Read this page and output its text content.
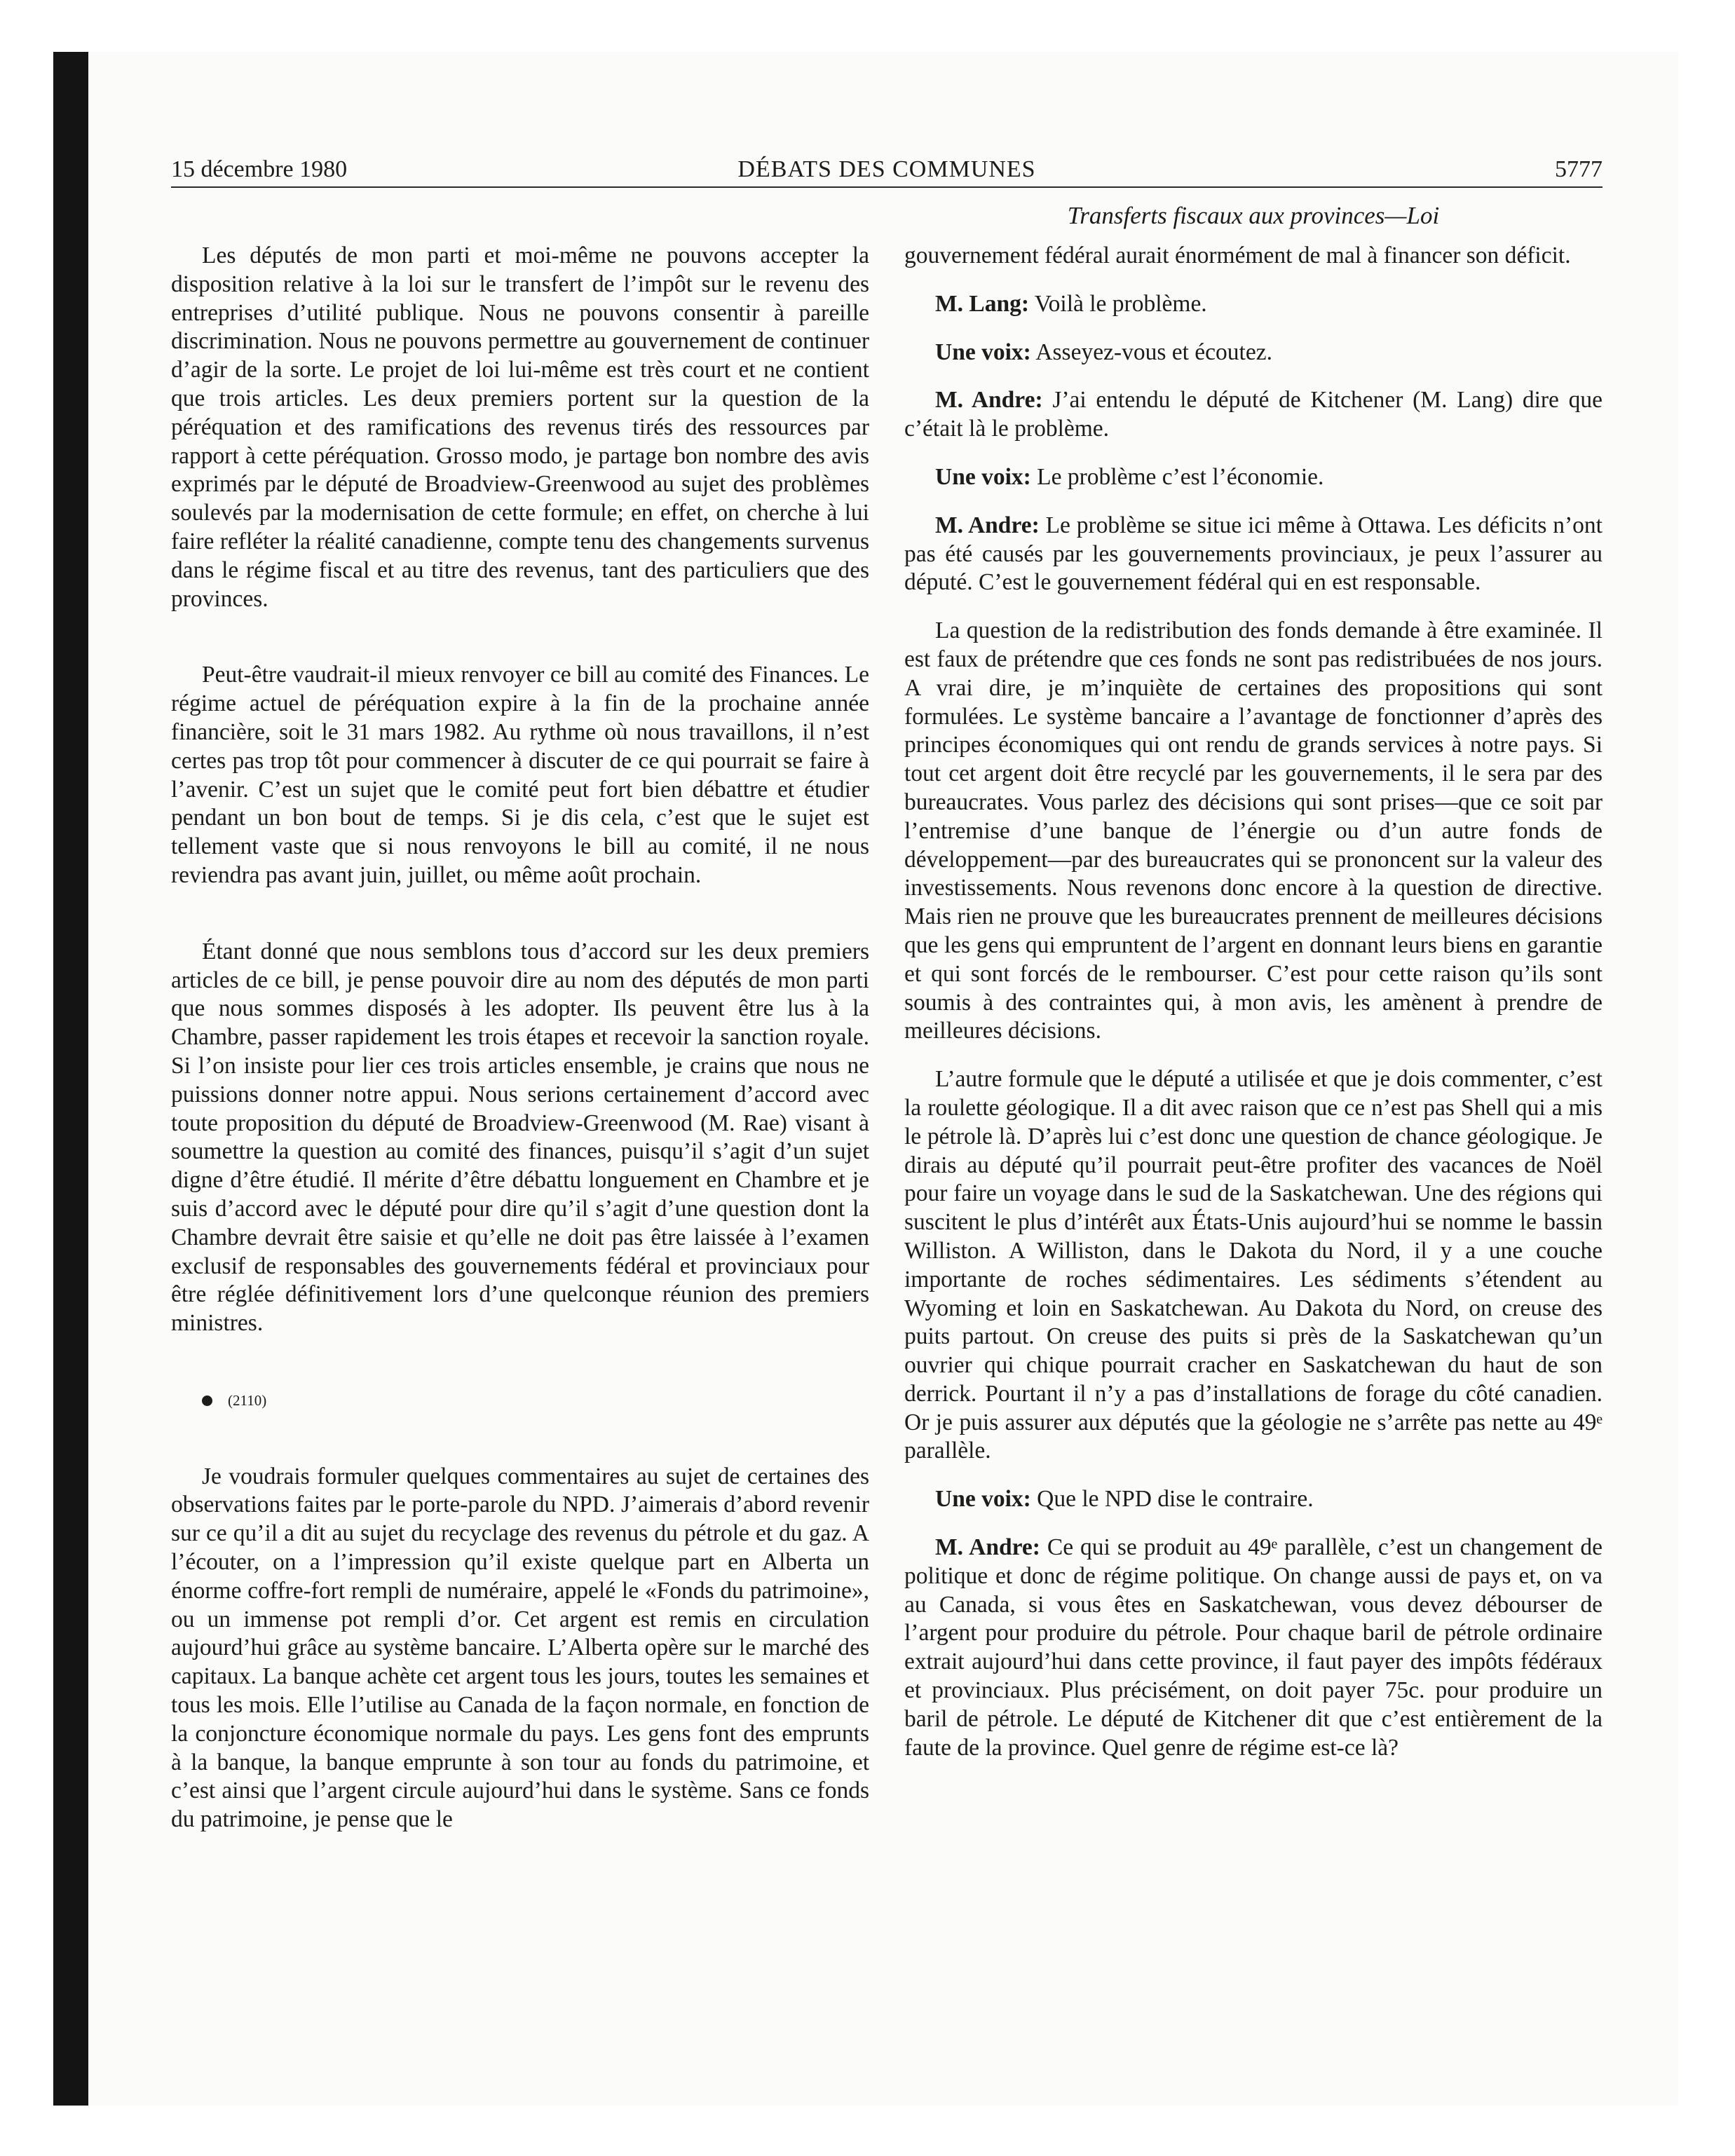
15 décembre 1980	DÉBATS DES COMMUNES	5777
Transferts fiscaux aux provinces—Loi

Les députés de mon parti et moi-même ne pouvons accepter la disposition relative à la loi sur le transfert de l’impôt sur le revenu des entreprises d’utilité publique. Nous ne pouvons consentir à pareille discrimination. Nous ne pouvons permettre au gouvernement de continuer d’agir de la sorte. Le projet de loi lui-même est très court et ne contient que trois articles. Les deux premiers portent sur la question de la péréquation et des ramifications des revenus tirés des ressources par rapport à cette péréquation. Grosso modo, je partage bon nombre des avis exprimés par le député de Broadview-Greenwood au sujet des problèmes soulevés par la modernisation de cette formule; en effet, on cherche à lui faire refléter la réalité canadienne, compte tenu des changements survenus dans le régime fiscal et au titre des revenus, tant des particuliers que des provinces.

Peut-être vaudrait-il mieux renvoyer ce bill au comité des Finances. Le régime actuel de péréquation expire à la fin de la prochaine année financière, soit le 31 mars 1982. Au rythme où nous travaillons, il n’est certes pas trop tôt pour commencer à discuter de ce qui pourrait se faire à l’avenir. C’est un sujet que le comité peut fort bien débattre et étudier pendant un bon bout de temps. Si je dis cela, c’est que le sujet est tellement vaste que si nous renvoyons le bill au comité, il ne nous reviendra pas avant juin, juillet, ou même août prochain.

Étant donné que nous semblons tous d’accord sur les deux premiers articles de ce bill, je pense pouvoir dire au nom des députés de mon parti que nous sommes disposés à les adopter. Ils peuvent être lus à la Chambre, passer rapidement les trois étapes et recevoir la sanction royale. Si l’on insiste pour lier ces trois articles ensemble, je crains que nous ne puissions donner notre appui. Nous serions certainement d’accord avec toute proposition du député de Broadview-Greenwood (M. Rae) visant à soumettre la question au comité des finances, puisqu’il s’agit d’un sujet digne d’être étudié. Il mérite d’être débattu longuement en Chambre et je suis d’accord avec le député pour dire qu’il s’agit d’une question dont la Chambre devrait être saisie et qu’elle ne doit pas être laissée à l’examen exclusif de responsables des gouvernements fédéral et provinciaux pour être réglée définitivement lors d’une quelconque réunion des premiers ministres.

(2110)

Je voudrais formuler quelques commentaires au sujet de certaines des observations faites par le porte-parole du NPD. J’aimerais d’abord revenir sur ce qu’il a dit au sujet du recyclage des revenus du pétrole et du gaz. A l’écouter, on a l’impression qu’il existe quelque part en Alberta un énorme coffre-fort rempli de numéraire, appelé le «Fonds du patrimoine», ou un immense pot rempli d’or. Cet argent est remis en circulation aujourd’hui grâce au système bancaire. L’Alberta opère sur le marché des capitaux. La banque achète cet argent tous les jours, toutes les semaines et tous les mois. Elle l’utilise au Canada de la façon normale, en fonction de la conjoncture économique normale du pays. Les gens font des emprunts à la banque, la banque emprunte à son tour au fonds du patrimoine, et c’est ainsi que l’argent circule aujourd’hui dans le système. Sans ce fonds du patrimoine, je pense que le

gouvernement fédéral aurait énormément de mal à financer son déficit.

M. Lang: Voilà le problème.

Une voix: Asseyez-vous et écoutez.

M. Andre: J’ai entendu le député de Kitchener (M. Lang) dire que c’était là le problème.

Une voix: Le problème c’est l’économie.

M. Andre: Le problème se situe ici même à Ottawa. Les déficits n’ont pas été causés par les gouvernements provinciaux, je peux l’assurer au député. C’est le gouvernement fédéral qui en est responsable.

La question de la redistribution des fonds demande à être examinée. Il est faux de prétendre que ces fonds ne sont pas redistribuées de nos jours. A vrai dire, je m’inquiète de certaines des propositions qui sont formulées. Le système bancaire a l’avantage de fonctionner d’après des principes économiques qui ont rendu de grands services à notre pays. Si tout cet argent doit être recyclé par les gouvernements, il le sera par des bureaucrates. Vous parlez des décisions qui sont prises—que ce soit par l’entremise d’une banque de l’énergie ou d’un autre fonds de développement—par des bureaucrates qui se prononcent sur la valeur des investissements. Nous revenons donc encore à la question de directive. Mais rien ne prouve que les bureaucrates prennent de meilleures décisions que les gens qui empruntent de l’argent en donnant leurs biens en garantie et qui sont forcés de le rembourser. C’est pour cette raison qu’ils sont soumis à des contraintes qui, à mon avis, les amènent à prendre de meilleures décisions.

L’autre formule que le député a utilisée et que je dois commenter, c’est la roulette géologique. Il a dit avec raison que ce n’est pas Shell qui a mis le pétrole là. D’après lui c’est donc une question de chance géologique. Je dirais au député qu’il pourrait peut-être profiter des vacances de Noël pour faire un voyage dans le sud de la Saskatchewan. Une des régions qui suscitent le plus d’intérêt aux États-Unis aujourd’hui se nomme le bassin Williston. A Williston, dans le Dakota du Nord, il y a une couche importante de roches sédimentaires. Les sédiments s’étendent au Wyoming et loin en Saskatchewan. Au Dakota du Nord, on creuse des puits partout. On creuse des puits si près de la Saskatchewan qu’un ouvrier qui chique pourrait cracher en Saskatchewan du haut de son derrick. Pourtant il n’y a pas d’installations de forage du côté canadien. Or je puis assurer aux députés que la géologie ne s’arrête pas nette au 49ᵉ parallèle.

Une voix: Que le NPD dise le contraire.

M. Andre: Ce qui se produit au 49ᵉ parallèle, c’est un changement de politique et donc de régime politique. On change aussi de pays et, on va au Canada, si vous êtes en Saskatchewan, vous devez débourser de l’argent pour produire du pétrole. Pour chaque baril de pétrole ordinaire extrait aujourd’hui dans cette province, il faut payer des impôts fédéraux et provinciaux. Plus précisément, on doit payer 75c. pour produire un baril de pétrole. Le député de Kitchener dit que c’est entièrement de la faute de la province. Quel genre de régime est-ce là?
